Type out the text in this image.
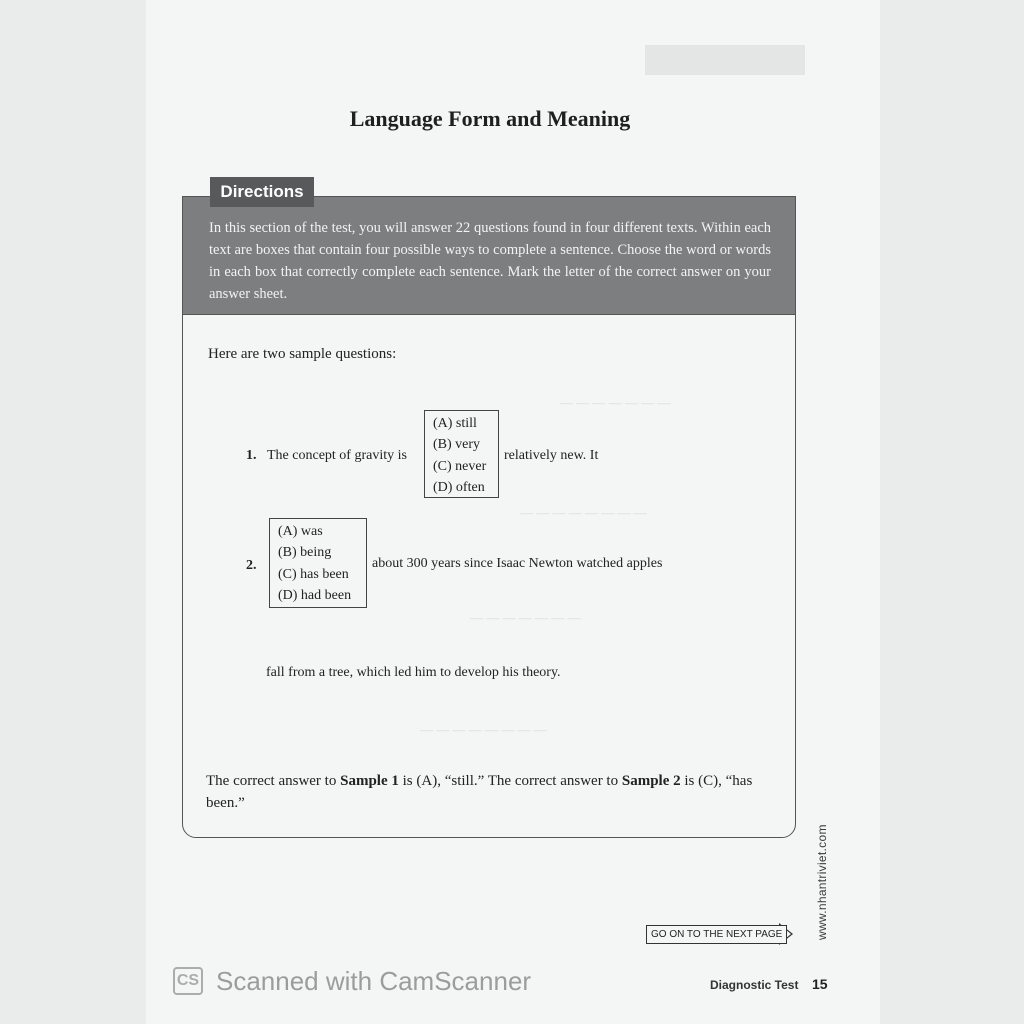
— — — — — — —
— — — — — — — —
— — — — — — —
— — — — — — — —
Language Form and Meaning
Directions
In this section of the test, you will answer 22 questions found in four different texts. Within each text are boxes that contain four possible ways to complete a sentence. Choose the word or words in each box that correctly complete each sentence. Mark the letter of the correct answer on your answer sheet.
Here are two sample questions:
1. The concept of gravity is
(A) still
(B) very
(C) never
(D) often
relatively new. It
2.
(A) was
(B) being
(C) has been
(D) had been
about 300 years since Isaac Newton watched apples
fall from a tree, which led him to develop his theory.
The correct answer to Sample 1 is (A), “still.” The correct answer to Sample 2 is (C), “has been.”
GO ON TO THE NEXT PAGE	www.nhantriviet.com
Diagnostic Test 15
CS Scanned with CamScanner
